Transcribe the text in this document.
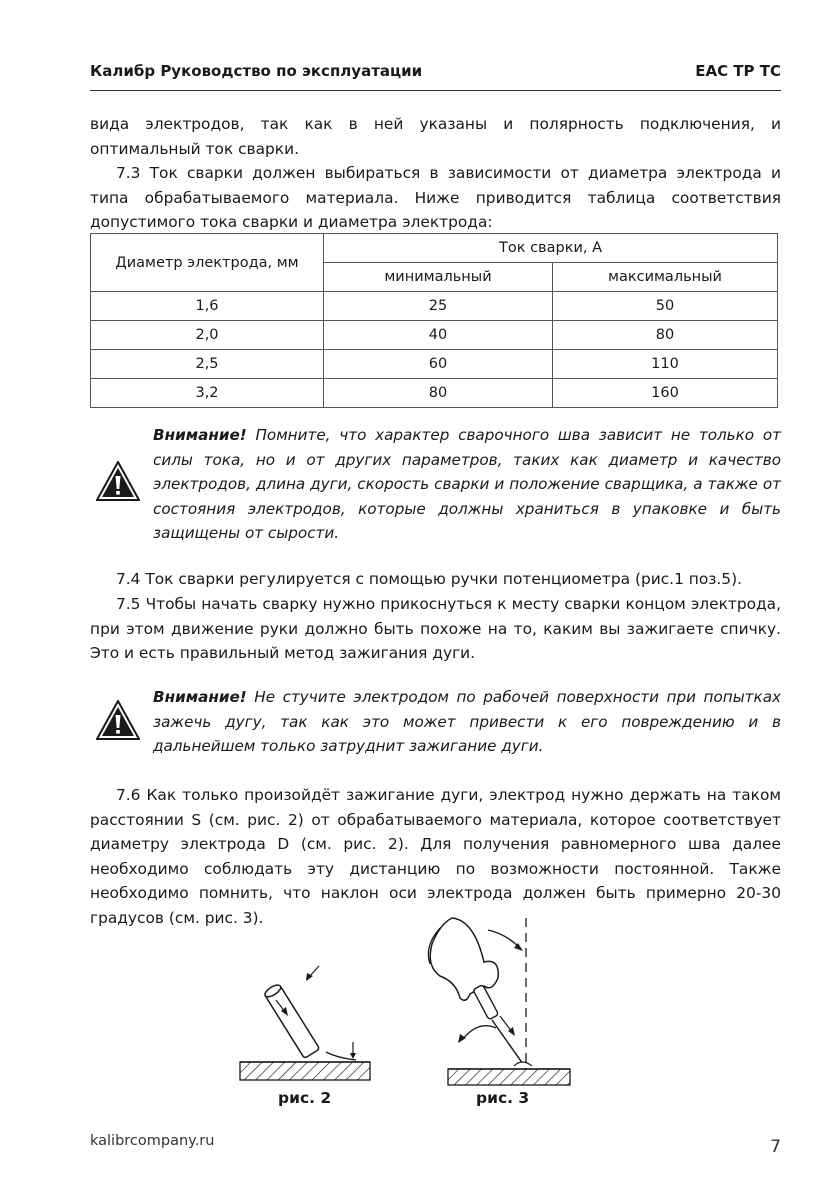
Калибр Руководство по эксплуатации	ЕАС ТР ТС

вида электродов, так как в ней указаны и полярность подключения, и оптимальный ток сварки.

7.3 Ток сварки должен выбираться в зависимости от диаметра электрода и типа обрабатываемого материала. Ниже приводится таблица соответствия допустимого тока сварки и диаметра электрода:

Диаметр электрода, мм	Ток сварки, А	
	минимальный	максимальный
1,6	25	50
2,0	40	80
2,5	60	110
3,2	80	160

Внимание! Помните, что характер сварочного шва зависит не только от силы тока, но и от других параметров, таких как диаметр и качество электродов, длина дуги, скорость сварки и положение сварщика, а также от состояния электродов, которые должны храниться в упаковке и быть защищены от сырости.

7.4 Ток сварки регулируется с помощью ручки потенциометра (рис.1 поз.5).

7.5 Чтобы начать сварку нужно прикоснуться к месту сварки концом электрода, при этом движение руки должно быть похоже на то, каким вы зажигаете спичку. Это и есть правильный метод зажигания дуги.

Внимание! Не стучите электродом по рабочей поверхности при попытках зажечь дугу, так как это может привести к его повреждению и в дальнейшем только затруднит зажигание дуги.

7.6 Как только произойдёт зажигание дуги, электрод нужно держать на таком расстоянии S (см. рис. 2) от обрабатываемого материала, которое соответствует диаметру электрода D (см. рис. 2). Для получения равномерного шва далее необходимо соблюдать эту дистанцию по возможности постоянной. Также необходимо помнить, что наклон оси электрода должен быть примерно 20-30 градусов (см. рис. 3).

рис. 2	рис. 3
kalibrcompany.ru	7
